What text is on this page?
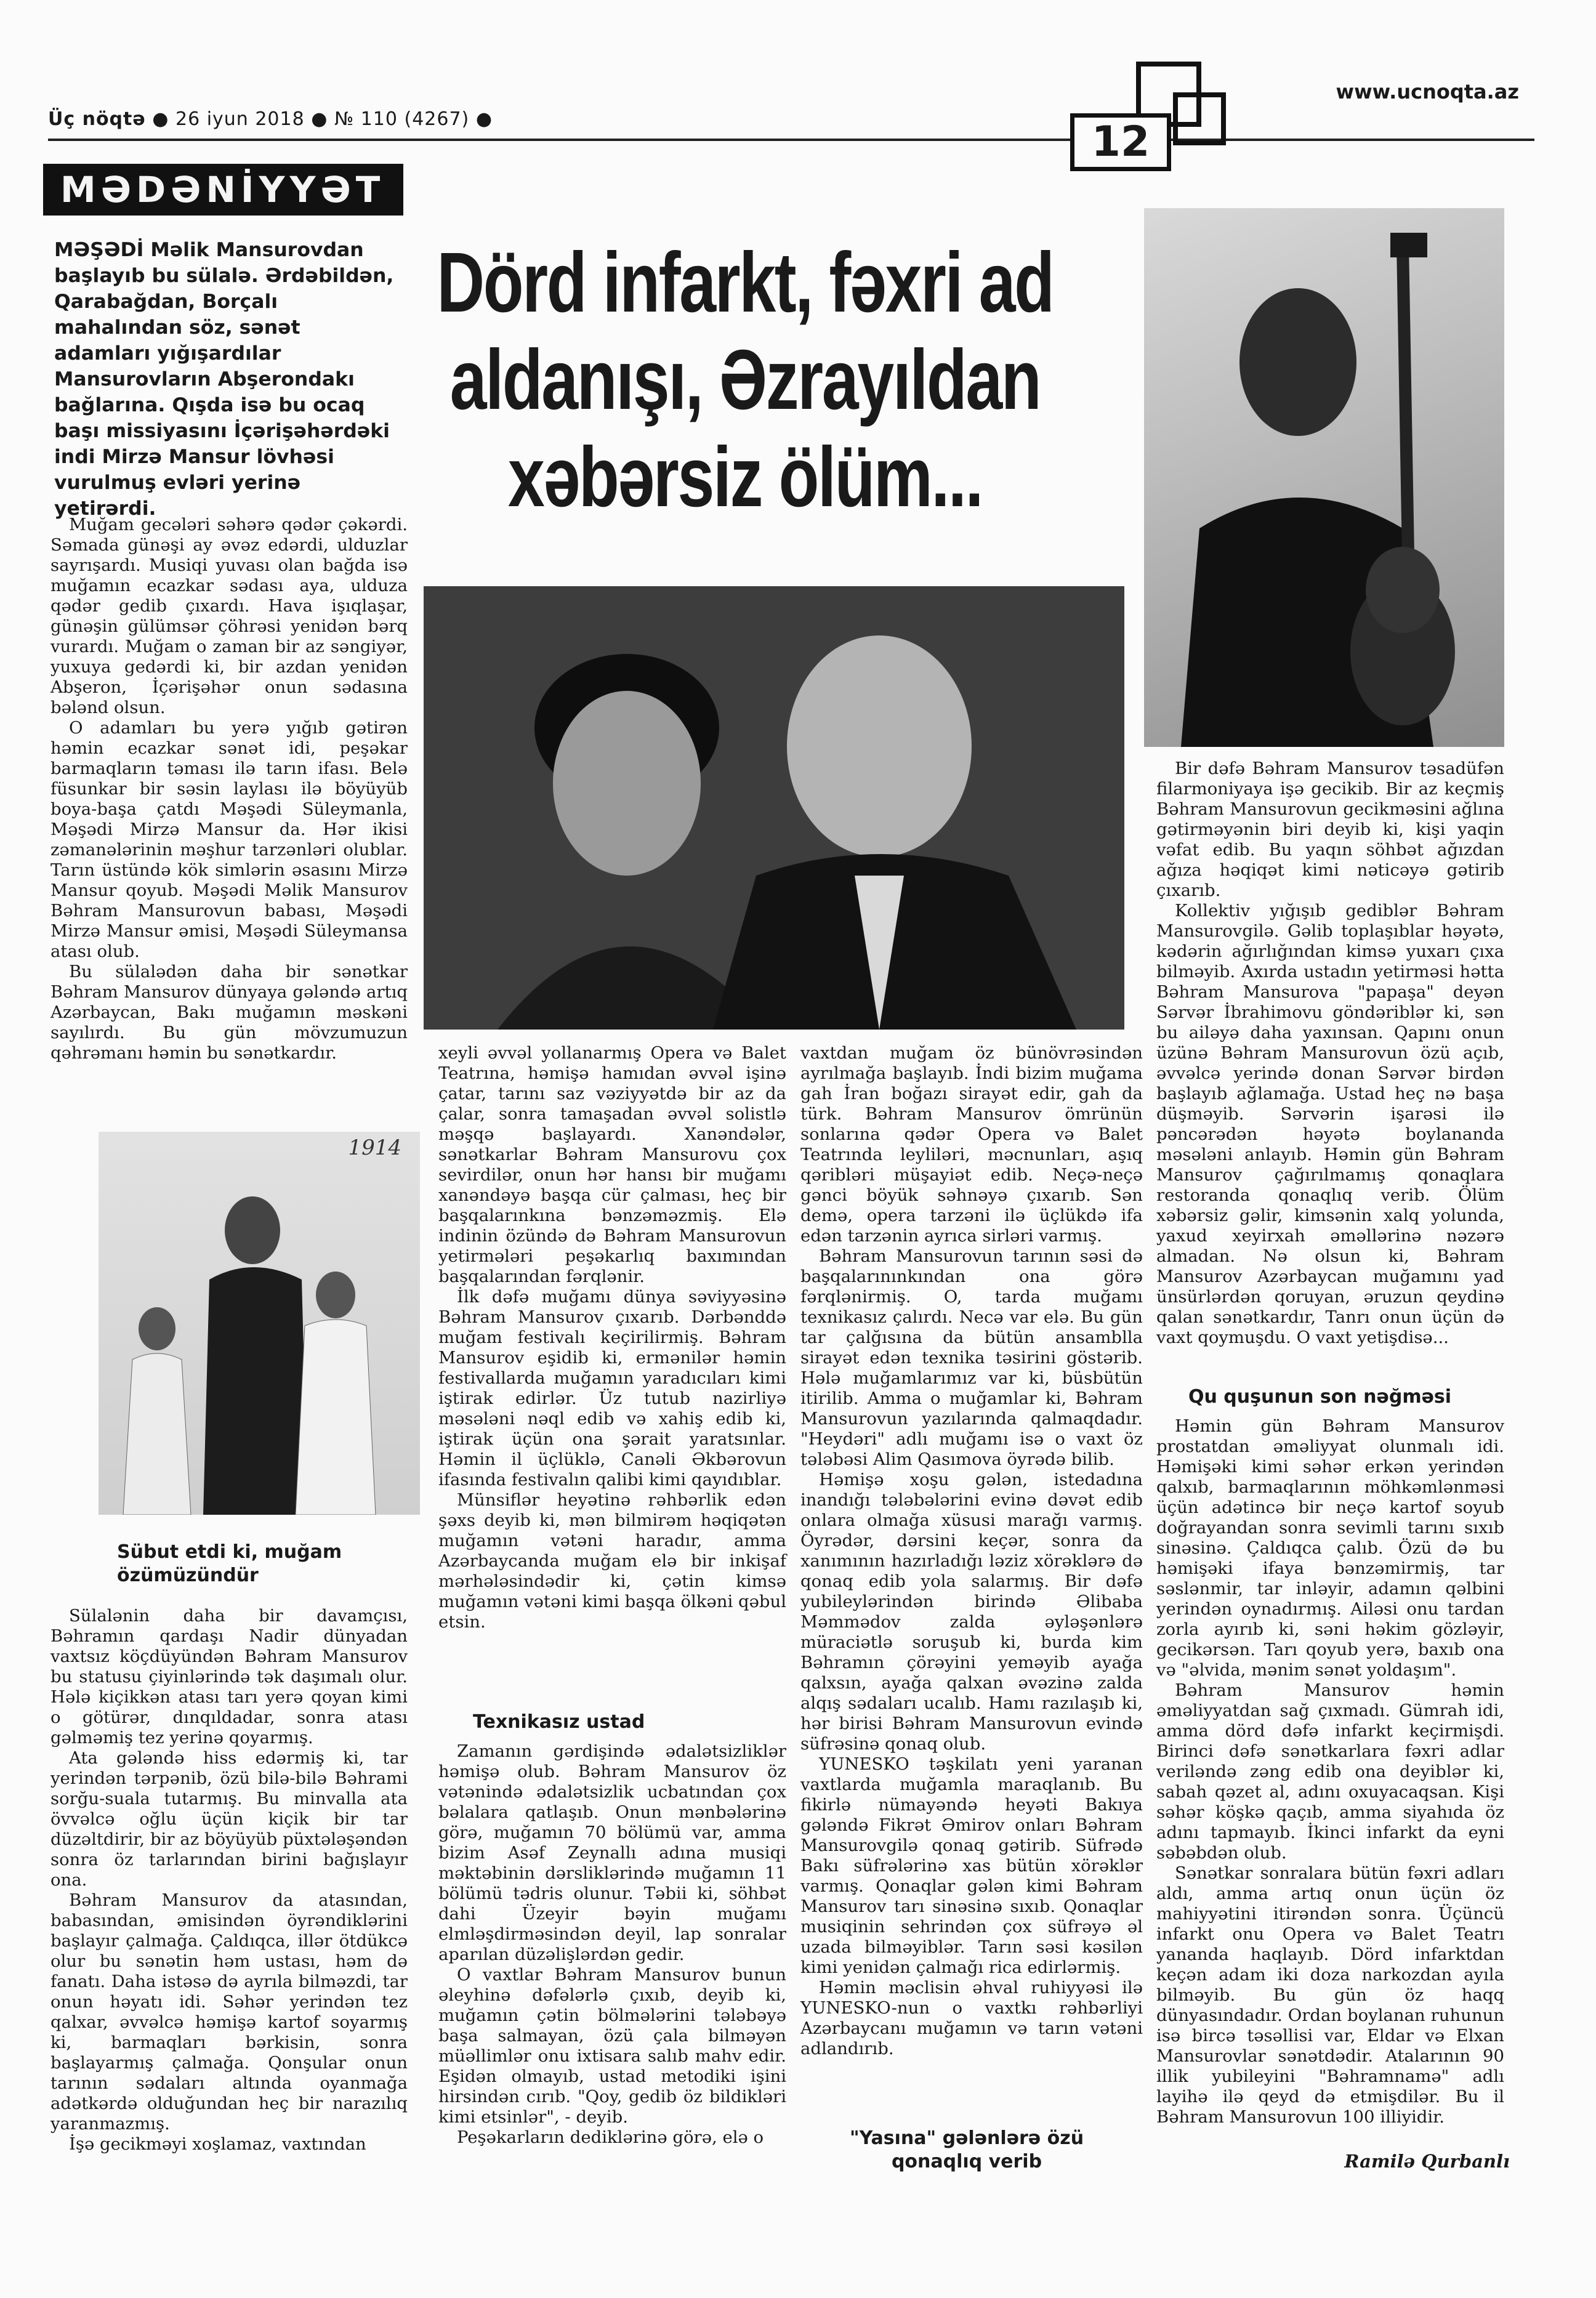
Üç nöqtə ● 26 iyun 2018 ● № 110 (4267) ●
www.ucnoqta.az
12
MƏDƏNİYYƏT
MƏŞƏDİ Məlik Mansurovdan başlayıb bu sülalə. Ərdəbildən, Qarabağdan, Borçalı mahalından söz, sənət adamları yığışardılar Mansurovların Abşerondakı bağlarına. Qışda isə bu ocaq başı missiyasını İçərişəhərdəki indi Mirzə Mansur lövhəsi vurulmuş evləri yerinə yetirərdi.
Dörd infarkt, fəxri ad
aldanışı, Əzrayıldan
xəbərsiz ölüm...
1914

Muğam gecələri səhərə qədər çəkərdi. Səmada günəşi ay əvəz edərdi, ulduzlar sayrışardı. Musiqi yuvası olan bağda isə muğamın ecazkar sədası aya, ulduza qədər gedib çıxardı. Hava işıqlaşar, günəşin gülümsər çöhrəsi yenidən bərq vurardı. Muğam o zaman bir az səngiyər, yuxuya gedərdi ki, bir azdan yenidən Abşeron, İçərişəhər onun sədasına bələnd olsun.

O adamları bu yerə yığıb gətirən həmin ecazkar sənət idi, peşəkar barmaqların təması ilə tarın ifası. Belə füsunkar bir səsin laylası ilə böyüyüb boya-başa çatdı Məşədi Süleymanla, Məşədi Mirzə Mansur da. Hər ikisi zəmanələrinin məşhur tarzənləri olublar. Tarın üstündə kök simlərin əsasını Mirzə Mansur qoyub. Məşədi Məlik Mansurov Bəhram Mansurovun babası, Məşədi Mirzə Mansur əmisi, Məşədi Süleymansa atası olub.

Bu sülalədən daha bir sənətkar Bəhram Mansurov dünyaya gələndə artıq Azərbaycan, Bakı muğamın məskəni sayılırdı. Bu gün mövzumuzun qəhrəmanı həmin bu sənətkardır.

Sübut etdi ki, muğam özümüzündür

Sülalənin daha bir davamçısı, Bəhramın qardaşı Nadir dünyadan vaxtsız köçdüyündən Bəhram Mansurov bu statusu çiyinlərində tək daşımalı olur. Hələ kiçikkən atası tarı yerə qoyan kimi o götürər, dınqıldadar, sonra atası gəlməmiş tez yerinə qoyarmış.

Ata gələndə hiss edərmiş ki, tar yerindən tərpənib, özü bilə-bilə Bəhrami sorğu-suala tutarmış. Bu minvalla ata övvəlcə oğlu üçün kiçik bir tar düzəltdirir, bir az böyüyüb püxtələşəndən sonra öz tarlarından birini bağışlayır ona.

Bəhram Mansurov da atasından, babasından, əmisindən öyrəndiklərini başlayır çalmağa. Çaldıqca, illər ötdükcə olur bu sənətin həm ustası, həm də fanatı. Daha istəsə də ayrıla bilməzdi, tar onun həyatı idi. Səhər yerindən tez qalxar, əvvəlcə həmişə kartof soyarmış ki, barmaqları bərkisin, sonra başlayarmış çalmağa. Qonşular onun tarının sədaları altında oyanmağa adətkərdə olduğundan heç bir narazılıq yaranmazmış.

İşə gecikməyi xoşlamaz, vaxtından

xeyli əvvəl yollanarmış Opera və Balet Teatrına, həmişə hamıdan əvvəl işinə çatar, tarını saz vəziyyətdə bir az da çalar, sonra tamaşadan əvvəl solistlə məşqə başlayardı. Xanəndələr, sənətkarlar Bəhram Mansurovu çox sevirdilər, onun hər hansı bir muğamı xanəndəyə başqa cür çalması, heç bir başqalarınkına bənzəməzmiş. Elə indinin özündə də Bəhram Mansurovun yetirmələri peşəkarlıq baxımından başqalarından fərqlənir.

İlk dəfə muğamı dünya səviyyəsinə Bəhram Mansurov çıxarıb. Dərbənddə muğam festivalı keçirilirmiş. Bəhram Mansurov eşidib ki, ermənilər həmin festivallarda muğamın yaradıcıları kimi iştirak edirlər. Üz tutub nazirliyə məsələni nəql edib və xahiş edib ki, iştirak üçün ona şərait yaratsınlar. Həmin il üçlüklə, Canəli Əkbərovun ifasında festivalın qalibi kimi qayıdıblar.

Münsiflər heyətinə rəhbərlik edən şəxs deyib ki, mən bilmirəm həqiqətən muğamın vətəni haradır, amma Azərbaycanda muğam elə bir inkişaf mərhələsindədir ki, çətin kimsə muğamın vətəni kimi başqa ölkəni qəbul etsin.

Texnikasız ustad

Zamanın gərdişində ədalətsizliklər həmişə olub. Bəhram Mansurov öz vətənində ədalətsizlik ucbatından çox bəlalara qatlaşıb. Onun mənbələrinə görə, muğamın 70 bölümü var, amma bizim Asəf Zeynallı adına musiqi məktəbinin dərsliklərində muğamın 11 bölümü tədris olunur. Təbii ki, söhbət dahi Üzeyir bəyin muğamı elmləşdirməsindən deyil, lap sonralar aparılan düzəlişlərdən gedir.

O vaxtlar Bəhram Mansurov bunun əleyhinə dəfələrlə çıxıb, deyib ki, muğamın çətin bölmələrini tələbəyə başa salmayan, özü çala bilməyən müəllimlər onu ixtisara salıb mahv edir. Eşidən olmayıb, ustad metodiki işini hirsindən cırıb. "Qoy, gedib öz bildikləri kimi etsinlər", - deyib.

Peşəkarların dediklərinə görə, elə o

vaxtdan muğam öz bünövrəsindən ayrılmağa başlayıb. İndi bizim muğama gah İran boğazı sirayət edir, gah da türk. Bəhram Mansurov ömrünün sonlarına qədər Opera və Balet Teatrında leyliləri, məcnunları, aşıq qəribləri müşayiət edib. Neçə-neçə gənci böyük səhnəyə çıxarıb. Sən demə, opera tarzəni ilə üçlükdə ifa edən tarzənin ayrıca sirləri varmış.

Bəhram Mansurovun tarının səsi də başqalarınınkından ona görə fərqlənirmiş. O, tarda muğamı texnikasız çalırdı. Necə var elə. Bu gün tar çalğısına da bütün ansamblla sirayət edən texnika təsirini göstərib. Hələ muğamlarımız var ki, büsbütün itirilib. Amma o muğamlar ki, Bəhram Mansurovun yazılarında qalmaqdadır. "Heydəri" adlı muğamı isə o vaxt öz tələbəsi Alim Qasımova öyrədə bilib.

Həmişə xoşu gələn, istedadına inandığı tələbələrini evinə dəvət edib onlara olmağa xüsusi marağı varmış. Öyrədər, dərsini keçər, sonra da xanımının hazırladığı ləziz xörəklərə də qonaq edib yola salarmış. Bir dəfə yubileylərindən birində Əlibaba Məmmədov zalda əyləşənlərə müraciətlə soruşub ki, burda kim Bəhramın çörəyini yeməyib ayağa qalxsın, ayağa qalxan əvəzinə zalda alqış sədaları ucalıb. Hamı razılaşıb ki, hər birisi Bəhram Mansurovun evində süfrəsinə qonaq olub.

YUNESKO təşkilatı yeni yaranan vaxtlarda muğamla maraqlanıb. Bu fikirlə nümayəndə heyəti Bakıya gələndə Fikrət Əmirov onları Bəhram Mansurovgilə qonaq gətirib. Süfrədə Bakı süfrələrinə xas bütün xörəklər varmış. Qonaqlar gələn kimi Bəhram Mansurov tarı sinəsinə sıxıb. Qonaqlar musiqinin sehrindən çox süfrəyə əl uzada bilməyiblər. Tarın səsi kəsilən kimi yenidən çalmağı rica edirlərmiş.

Həmin məclisin əhval ruhiyyəsi ilə YUNESKO-nun o vaxtkı rəhbərliyi Azərbaycanı muğamın və tarın vətəni adlandırıb.

"Yasına" gələnlərə özü qonaqlıq verib

Bir dəfə Bəhram Mansurov təsadüfən filarmoniyaya işə gecikib. Bir az keçmiş Bəhram Mansurovun gecikməsini ağlına gətirməyənin biri deyib ki, kişi yaqin vəfat edib. Bu yaqın söhbət ağızdan ağıza həqiqət kimi nəticəyə gətirib çıxarıb.

Kollektiv yığışıb gediblər Bəhram Mansurovgilə. Gəlib toplaşıblar həyətə, kədərin ağırlığından kimsə yuxarı çıxa bilməyib. Axırda ustadın yetirməsi hətta Bəhram Mansurova "papaşa" deyən Sərvər İbrahimovu göndəriblər ki, sən bu ailəyə daha yaxınsan. Qapını onun üzünə Bəhram Mansurovun özü açıb, əvvəlcə yerində donan Sərvər birdən başlayıb ağlamağa. Ustad heç nə başa düşməyib. Sərvərin işarəsi ilə pəncərədən həyətə boylananda məsələni anlayıb. Həmin gün Bəhram Mansurov çağırılmamış qonaqlara restoranda qonaqlıq verib. Ölüm xəbərsiz gəlir, kimsənin xalq yolunda, yaxud xeyirxah əməllərinə nəzərə almadan. Nə olsun ki, Bəhram Mansurov Azərbaycan muğamını yad ünsürlərdən qoruyan, əruzun qeydinə qalan sənətkardır, Tanrı onun üçün də vaxt qoymuşdu. O vaxt yetişdisə...

Qu quşunun son nəğməsi

Həmin gün Bəhram Mansurov prostatdan əməliyyat olunmalı idi. Həmişəki kimi səhər erkən yerindən qalxıb, barmaqlarının möhkəmlənməsi üçün adətincə bir neçə kartof soyub doğrayandan sonra sevimli tarını sıxıb sinəsinə. Çaldıqca çalıb. Özü də bu həmişəki ifaya bənzəmirmiş, tar səslənmir, tar inləyir, adamın qəlbini yerindən oynadırmış. Ailəsi onu tardan zorla ayırıb ki, səni həkim gözləyir, gecikərsən. Tarı qoyub yerə, baxıb ona və "əlvida, mənim sənət yoldaşım".

Bəhram Mansurov həmin əməliyyatdan sağ çıxmadı. Gümrah idi, amma dörd dəfə infarkt keçirmişdi. Birinci dəfə sənətkarlara fəxri adlar veriləndə zəng edib ona deyiblər ki, sabah qəzet al, adını oxuyacaqsan. Kişi səhər köşkə qaçıb, amma siyahıda öz adını tapmayıb. İkinci infarkt da eyni səbəbdən olub.

Sənətkar sonralara bütün fəxri adları aldı, amma artıq onun üçün öz mahiyyətini itirəndən sonra. Üçüncü infarkt onu Opera və Balet Teatrı yananda haqlayıb. Dörd infarktdan keçən adam iki doza narkozdan ayıla bilməyib. Bu gün öz haqq dünyasındadır. Ordan boylanan ruhunun isə bircə təsəllisi var, Eldar və Elxan Mansurovlar sənətdədir. Atalarının 90 illik yubileyini "Bəhramnamə" adlı layihə ilə qeyd də etmişdilər. Bu il Bəhram Mansurovun 100 illiyidir.

Ramilə Qurbanlı
